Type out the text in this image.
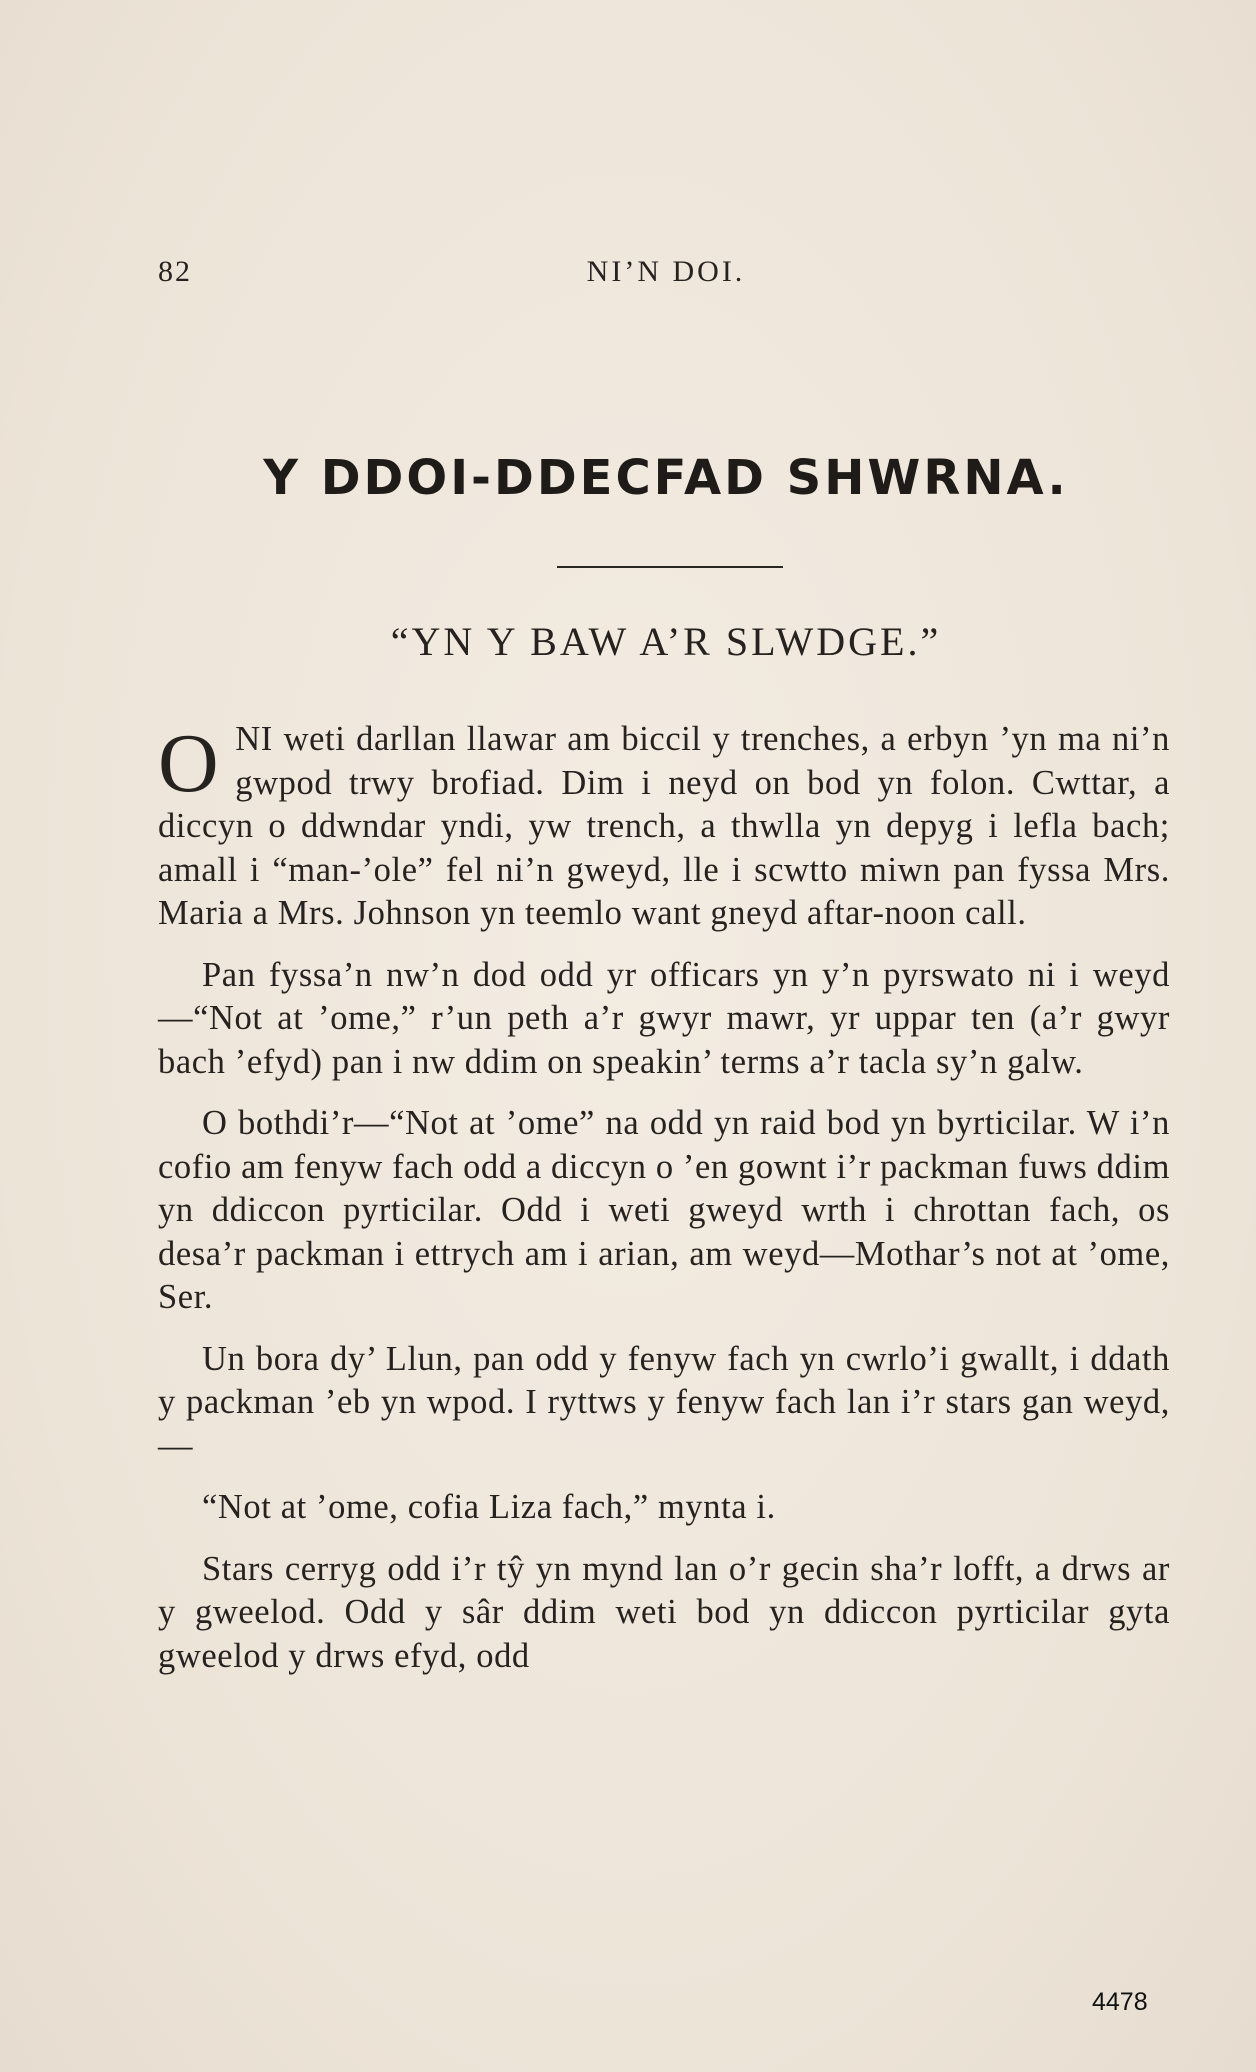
82	NI’N DOI.
Y DDOI-DDECFAD SHWRNA.
“YN Y BAW A’R SLWDGE.”

ONI weti darllan llawar am biccil y trenches, a erbyn ’yn ma ni’n gwpod trwy brofiad. Dim i neyd on bod yn folon. Cwttar, a diccyn o ddwndar yndi, yw trench, a thwlla yn depyg i lefla bach; amall i “man-’ole” fel ni’n gweyd, lle i scwtto miwn pan fyssa Mrs. Maria a Mrs. Johnson yn teemlo want gneyd aftar-noon call.

Pan fyssa’n nw’n dod odd yr officars yn y’n pyrswato ni i weyd—“Not at ’ome,” r’un peth a’r gwyr mawr, yr uppar ten (a’r gwyr bach ’efyd) pan i nw ddim on speakin’ terms a’r tacla sy’n galw.

O bothdi’r—“Not at ’ome” na odd yn raid bod yn byrticilar. W i’n cofio am fenyw fach odd a diccyn o ’en gownt i’r packman fuws ddim yn ddiccon pyrticilar. Odd i weti gweyd wrth i chrottan fach, os desa’r packman i ettrych am i arian, am weyd—Mothar’s not at ’ome, Ser.

Un bora dy’ Llun, pan odd y fenyw fach yn cwrlo’i gwallt, i ddath y packman ’eb yn wpod. I ryttws y fenyw fach lan i’r stars gan weyd,—

“Not at ’ome, cofia Liza fach,” mynta i.

Stars cerryg odd i’r tŷ yn mynd lan o’r gecin sha’r lofft, a drws ar y gweelod. Odd y sâr ddim weti bod yn ddiccon pyrticilar gyta gweelod y drws efyd, odd

4478
